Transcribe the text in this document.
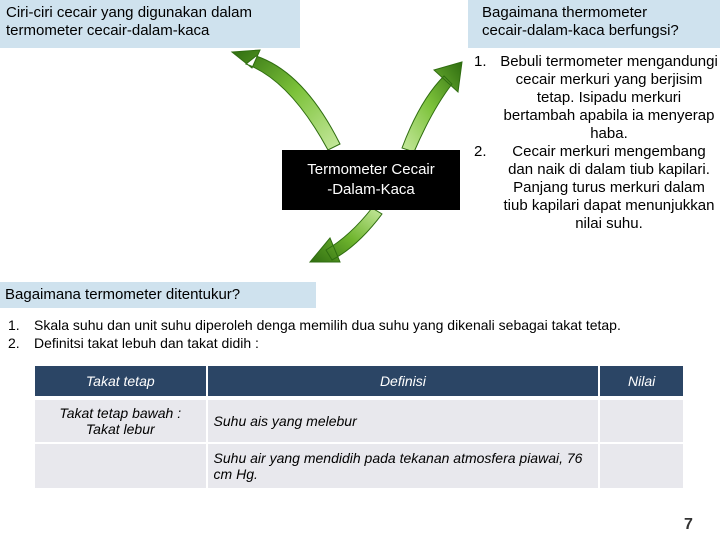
Ciri-ciri cecair yang digunakan dalam
termometer cecair-dalam-kaca
Bagaimana thermometer
cecair-dalam-kaca berfungsi?
Termometer Cecair
-Dalam-Kaca
1. Bebuli termometer mengandungi cecair merkuri yang berjisim tetap. Isipadu merkuri bertambah apabila ia menyerap haba.
2. Cecair merkuri mengembang dan naik di dalam tiub kapilari. Panjang turus merkuri dalam tiub kapilari dapat menunjukkan nilai suhu.
Bagaimana termometer ditentukur?
1. Skala suhu dan unit suhu diperoleh denga memilih dua suhu yang dikenali sebagai takat tetap.
2. Definitsi takat lebuh dan takat didih :
Takat tetap	Definisi	Nilai
Takat tetap bawah : Takat lebur	Suhu ais yang melebur	
	Suhu air yang mendidih pada tekanan atmosfera piawai, 76 cm Hg.	
7
